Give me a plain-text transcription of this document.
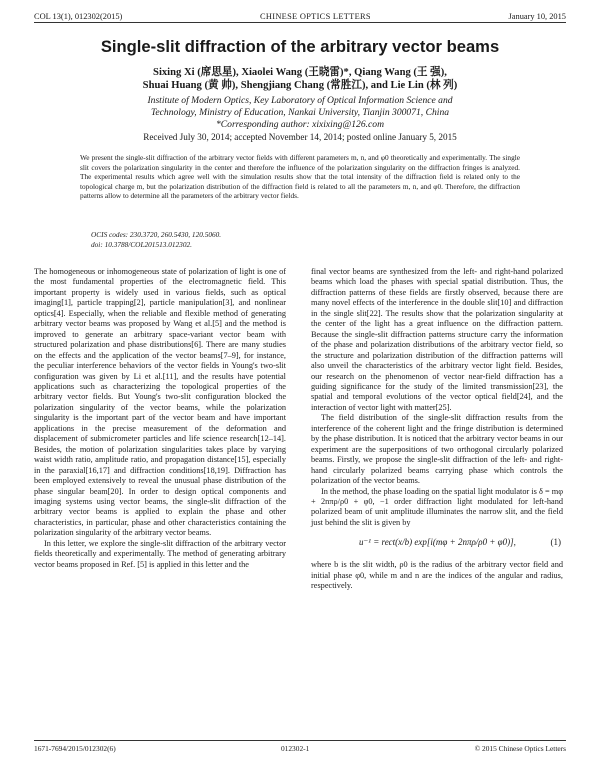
COL 13(1), 012302(2015)	CHINESE OPTICS LETTERS	January 10, 2015
Single-slit diffraction of the arbitrary vector beams
Sixing Xi (席思星), Xiaolei Wang (王晓雷)*, Qiang Wang (王 强),
Shuai Huang (黄 帅), Shengjiang Chang (常胜江), and Lie Lin (林 列)
Institute of Modern Optics, Key Laboratory of Optical Information Science and
Technology, Ministry of Education, Nankai University, Tianjin 300071, China
*Corresponding author: xixixing@126.com
Received July 30, 2014; accepted November 14, 2014; posted online January 5, 2015

We present the single-slit diffraction of the arbitrary vector fields with different parameters m, n, and φ0 theoretically and experimentally. The single slit covers the polarization singularity in the center and therefore the influence of the polarization singularity on the diffraction fringes is analyzed. The experimental results which agree well with the simulation results show that the total intensity of the diffraction field is related only to the topological charge m, but the polarization distribution of the diffraction field is related to all the parameters m, n, and φ0. Therefore, the diffraction patterns allow to determine all the parameters of the arbitrary vector fields.

OCIS codes: 230.3720, 260.5430, 120.5060.
doi: 10.3788/COL201513.012302.

The homogeneous or inhomogeneous state of polarization of light is one of the most fundamental properties of the electromagnetic field. This important property is widely used in various fields, such as optical imaging[1], particle trapping[2], particle manipulation[3], and nonlinear optics[4]. Especially, when the reliable and flexible method of generating arbitrary vector beams was proposed by Wang et al.[5] and the method is improved to generate an arbitrary space-variant vector beam with structured polarization and phase distributions[6]. There are many studies on the effects and the application of the vector beams[7–9], for instance, the peculiar interference behaviors of the vector fields in Young's two-slit configuration was given by Li et al.[11], and the results have potential applications such as characterizing the topological properties of the arbitrary vector fields. But Young's two-slit configuration blocked the polarization singularity of the vector beams, while the polarization singularity is the important part of the vector beam and have important applications in the precise measurement of the deformation and displacement of submicrometer particles and life science research[12–14]. Besides, the motion of polarization singularities takes place by varying waist width ratio, amplitude ratio, and propagation distance[15], especially in the paraxial[16,17] and diffraction conditions[18,19]. Diffraction has been employed extensively to reveal the unusual phase distribution of the phase singular beam[20]. In order to design optical components and imaging systems using vector beams, the single-slit diffraction of the arbitrary vector beams is applied to explain the phase and other characteristics, in particular, phase and other characteristics containing the polarization singularity of the arbitrary vector beams.

In this letter, we explore the single-slit diffraction of the arbitrary vector fields theoretically and experimentally. The method of generating arbitrary vector beams proposed in Ref. [5] is applied in this letter and the

final vector beams are synthesized from the left- and right-hand polarized beams which load the phases with special spatial distribution. Thus, the diffraction patterns of these fields are firstly observed, because there are many novel effects of the interference in the double slit[10] and diffraction in the single slit[22]. The results show that the polarization singularity at the center of the light has a great influence on the diffraction pattern. Because the single-slit diffraction patterns structure carry the information of the phase and polarization distributions of the arbitrary vector field, so the structure and polarization distribution of the diffraction patterns will also unveil the characteristics of the arbitrary vector light field. Besides, our research on the phenomenon of vector near-field diffraction has a guiding significance for the study of the limited transmission[23], the spatial and temporal evolutions of the vector optical field[24], and the interaction of vector light with matter[25].

The field distribution of the single-slit diffraction results from the interference of the coherent light and the fringe distribution is determined by the phase distribution. It is noticed that the arbitrary vector beams in our experiment are the superpositions of two orthogonal circularly polarized beams. Firstly, we propose the single-slit diffraction of the left- and right-hand circularly polarized beams carrying phase which controls the polarization of the vector beams.

In the method, the phase loading on the spatial light modulator is δ = mφ + 2nπρ/ρ0 + φ0, −1 order diffraction light modulated for left-hand polarized beam of unit amplitude illuminates the narrow slit, and the field just behind the slit is given by

u⁻¹ = rect(x/b) exp[i(mφ + 2nπρ/ρ0 + φ0)],	(1)

where b is the slit width, ρ0 is the radius of the arbitrary vector field and initial phase φ0, while m and n are the indices of the angular and radius, respectively.

1671-7694/2015/012302(6)	012302-1	© 2015 Chinese Optics Letters
